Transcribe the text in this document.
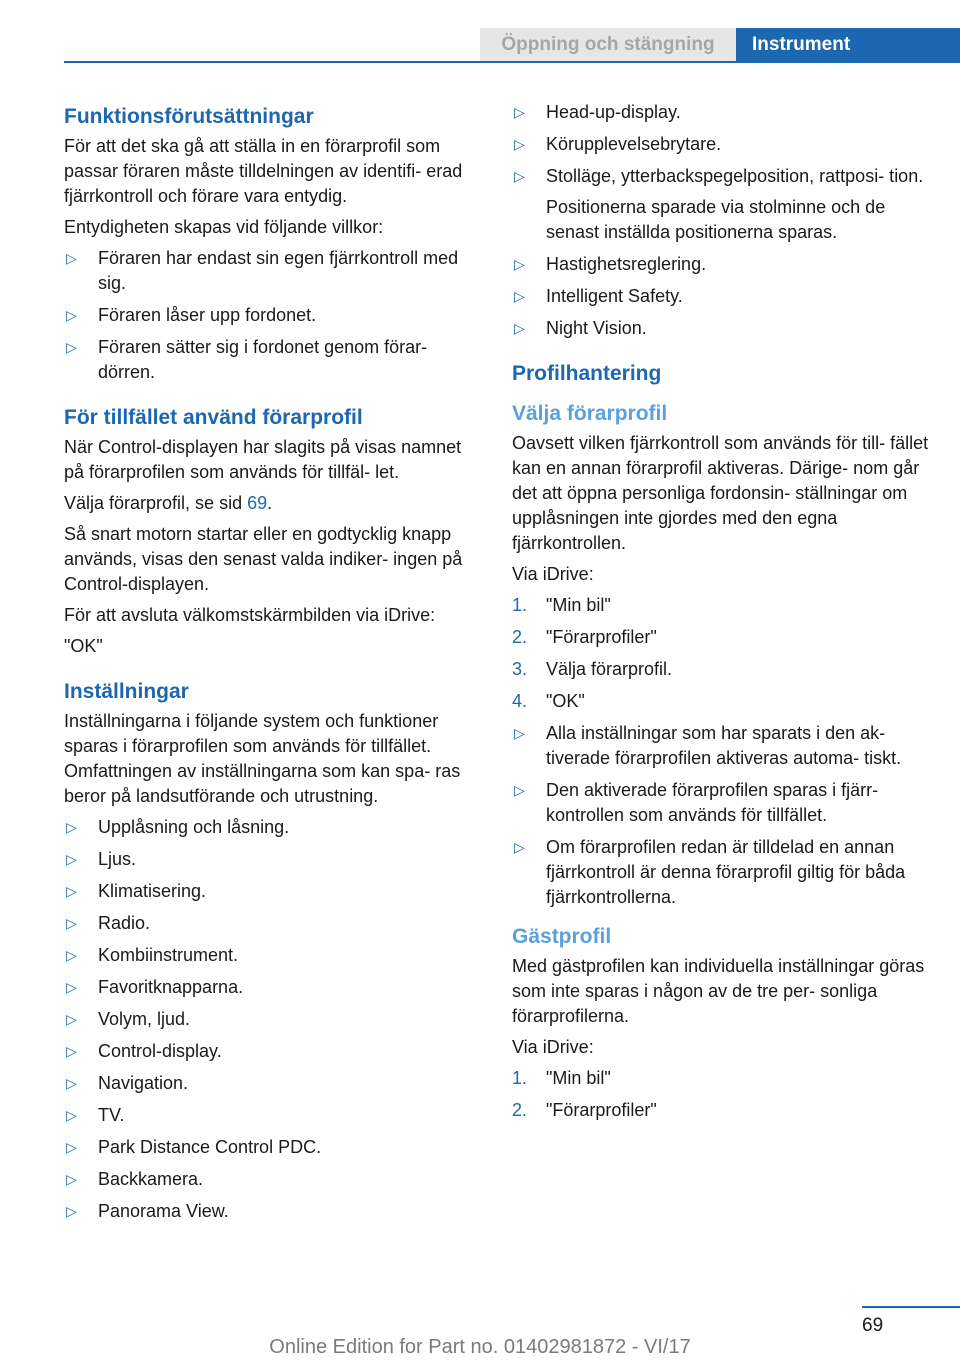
Öppning och stängning	Instrument
Funktionsförutsättningar

För att det ska gå att ställa in en förarprofil som passar föraren måste tilldelningen av identifi- erad fjärrkontroll och förare vara entydig.

Entydigheten skapas vid följande villkor:

▷ Föraren har endast sin egen fjärrkontroll med sig.
▷ Föraren låser upp fordonet.
▷ Föraren sätter sig i fordonet genom förar- dörren.
För tillfället använd förarprofil

När Control-displayen har slagits på visas namnet på förarprofilen som används för tillfäl- let.

Välja förarprofil, se sid 69.

Så snart motorn startar eller en godtycklig knapp används, visas den senast valda indiker- ingen på Control-displayen.

För att avsluta välkomstskärmbilden via iDrive:

"OK"

Inställningar

Inställningarna i följande system och funktioner sparas i förarprofilen som används för tillfället. Omfattningen av inställningarna som kan spa- ras beror på landsutförande och utrustning.

▷ Upplåsning och låsning.
▷ Ljus.
▷ Klimatisering.
▷ Radio.
▷ Kombiinstrument.
▷ Favoritknapparna.
▷ Volym, ljud.
▷ Control-display.
▷ Navigation.
▷ TV.
▷ Park Distance Control PDC.
▷ Backkamera.
▷ Panorama View.
▷ Head-up-display.
▷ Körupplevelsebrytare.
▷ Stolläge, ytterbackspegelposition, rattposi- tion.
Positionerna sparade via stolminne och de senast inställda positionerna sparas.
▷ Hastighetsreglering.
▷ Intelligent Safety.
▷ Night Vision.
Profilhantering
Välja förarprofil

Oavsett vilken fjärrkontroll som används för till- fället kan en annan förarprofil aktiveras. Därige- nom går det att öppna personliga fordonsin- ställningar om upplåsningen inte gjordes med den egna fjärrkontrollen.

Via iDrive:

1. "Min bil"
2. "Förarprofiler"
3. Välja förarprofil.
4. "OK"
▷ Alla inställningar som har sparats i den ak- tiverade förarprofilen aktiveras automa- tiskt.
▷ Den aktiverade förarprofilen sparas i fjärr- kontrollen som används för tillfället.
▷ Om förarprofilen redan är tilldelad en annan fjärrkontroll är denna förarprofil giltig för båda fjärrkontrollerna.
Gästprofil

Med gästprofilen kan individuella inställningar göras som inte sparas i någon av de tre per- sonliga förarprofilerna.

Via iDrive:

1. "Min bil"
2. "Förarprofiler"
69
Online Edition for Part no. 01402981872 - VI/17
